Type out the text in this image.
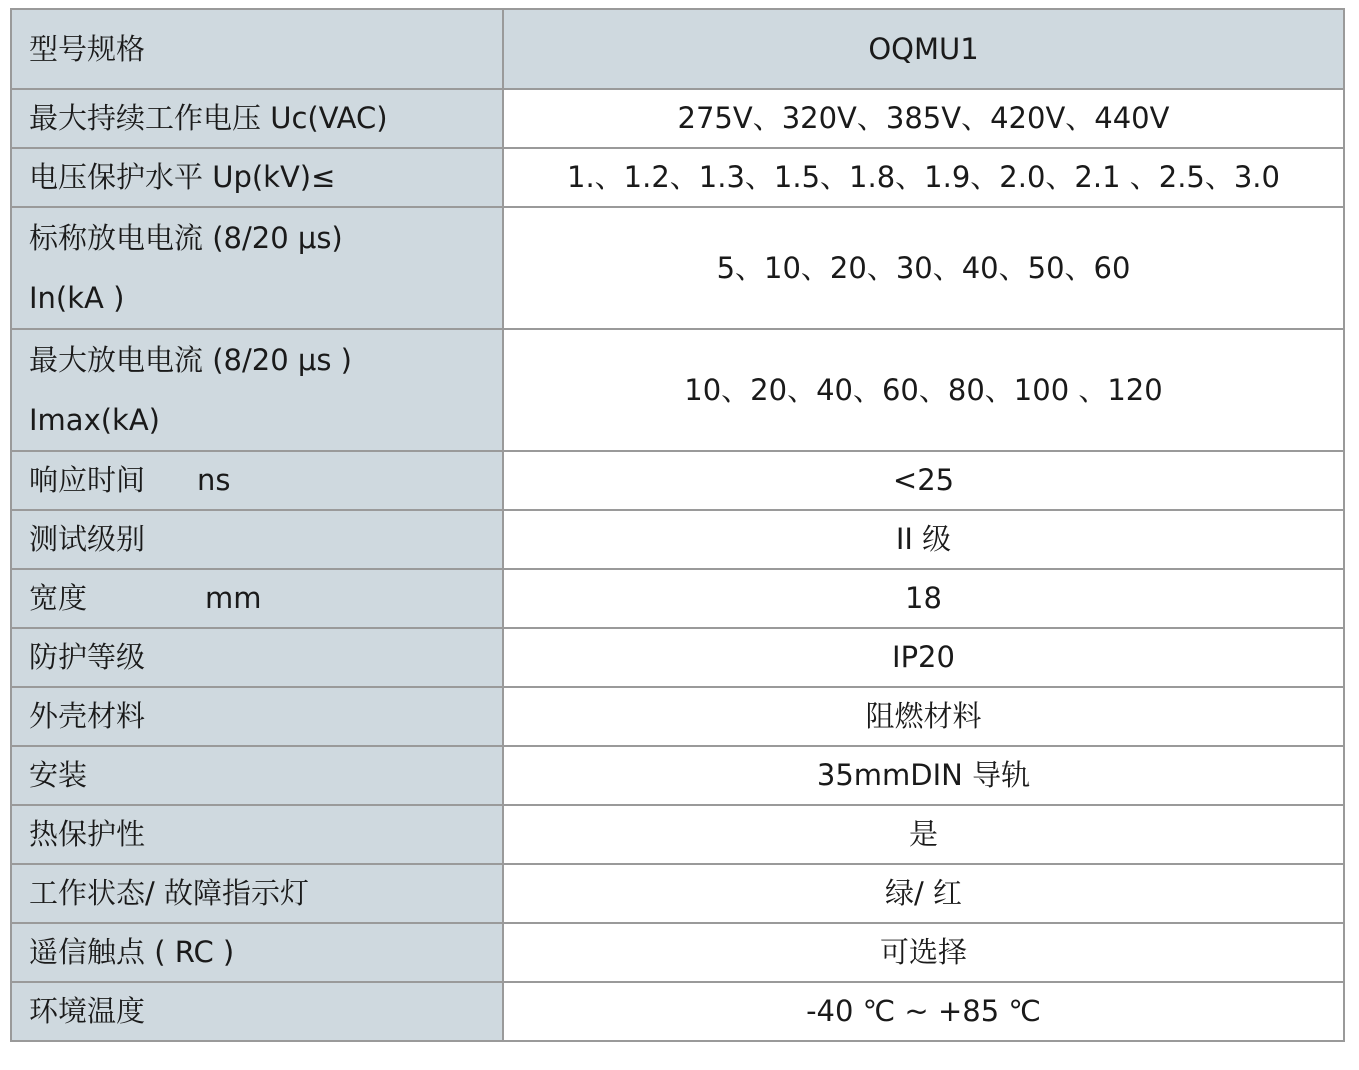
型号规格	OQMU1
最大持续工作电压 Uc(VAC)	275V、320V、385V、420V、440V
电压保护水平 Up(kV)≤	1.、1.2、1.3、1.5、1.8、1.9、2.0、2.1 、2.5、3.0

标称放电电流 (8/20 μs)
In(kA )	5、10、20、30、40、50、60

最大放电电流 (8/20 μs )
Imax(kA)	10、20、40、60、80、100 、120
响应时间 ns	<25
测试级别	II 级
宽度 mm	18
防护等级	IP20
外壳材料	阻燃材料
安装	35mmDIN 导轨
热保护性	是
工作状态/ 故障指示灯	绿/ 红
遥信触点 ( RC )	可选择
环境温度	-40 ℃ ~ +85 ℃
